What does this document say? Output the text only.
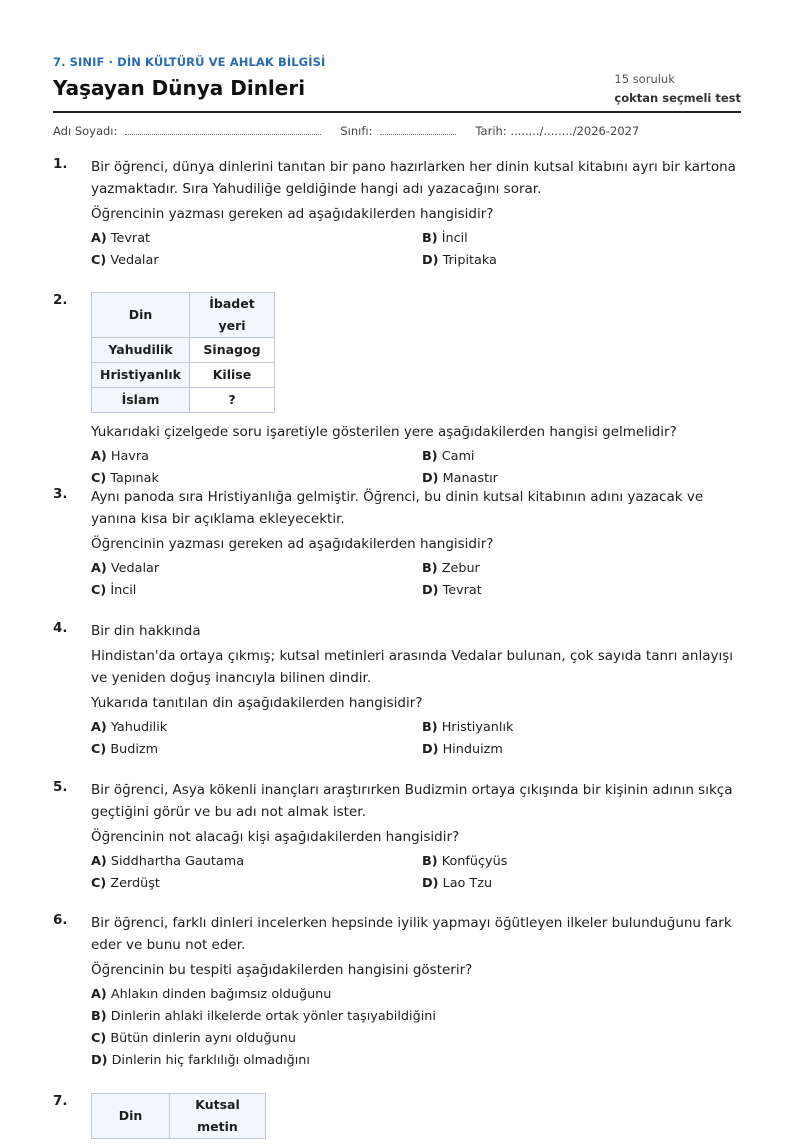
7. SINIF · DİN KÜLTÜRÜ VE AHLAK BİLGİSİ
Yaşayan Dünya Dinleri	15 soruluk
çoktan seçmeli test
Adı Soyadı:	Sınıfı:	Tarih: ......../......../2026-2027
1. Bir öğrenci, dünya dinlerini tanıtan bir pano hazırlarken her dinin kutsal kitabını ayrı bir kartona yazmaktadır. Sıra Yahudiliğe geldiğinde hangi adı yazacağını sorar.

Öğrencinin yazması gereken ad aşağıdakilerden hangisidir?

A) Tevrat	B) İncil
C) Vedalar	D) Tripitaka
2.
Din	İbadet yeri
Yahudilik	Sinagog
Hristiyanlık	Kilise
İslam	?

Yukarıdaki çizelgede soru işaretiyle gösterilen yere aşağıdakilerden hangisi gelmelidir?

A) Havra	B) Cami
C) Tapınak	D) Manastır
3. Aynı panoda sıra Hristiyanlığa gelmiştir. Öğrenci, bu dinin kutsal kitabının adını yazacak ve yanına kısa bir açıklama ekleyecektir.

Öğrencinin yazması gereken ad aşağıdakilerden hangisidir?

A) Vedalar	B) Zebur
C) İncil	D) Tevrat
4. Bir din hakkında

Hindistan'da ortaya çıkmış; kutsal metinleri arasında Vedalar bulunan, çok sayıda tanrı anlayışı ve yeniden doğuş inancıyla bilinen dindir.

Yukarıda tanıtılan din aşağıdakilerden hangisidir?

A) Yahudilik	B) Hristiyanlık
C) Budizm	D) Hinduizm
5. Bir öğrenci, Asya kökenli inançları araştırırken Budizmin ortaya çıkışında bir kişinin adının sıkça geçtiğini görür ve bu adı not almak ister.

Öğrencinin not alacağı kişi aşağıdakilerden hangisidir?

A) Siddhartha Gautama	B) Konfüçyüs
C) Zerdüşt	D) Lao Tzu
6. Bir öğrenci, farklı dinleri incelerken hepsinde iyilik yapmayı öğütleyen ilkeler bulunduğunu fark eder ve bunu not eder.

Öğrencinin bu tespiti aşağıdakilerden hangisini gösterir?

A) Ahlakın dinden bağımsız olduğunu
B) Dinlerin ahlaki ilkelerde ortak yönler taşıyabildiğini
C) Bütün dinlerin aynı olduğunu
D) Dinlerin hiç farklılığı olmadığını
7.
Din	Kutsal metin
